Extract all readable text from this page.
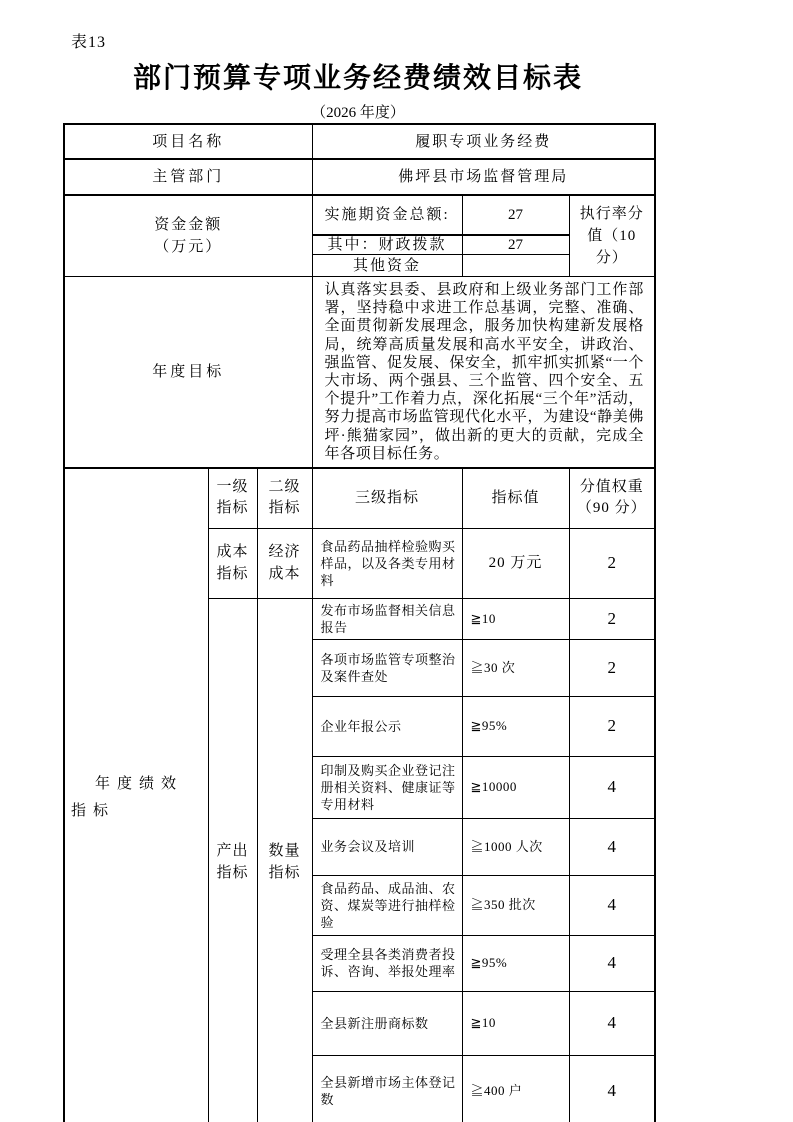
表13
部门预算专项业务经费绩效目标表
（2026 年度）
项目名称			履职专项业务经费		
主管部门			佛坪县市场监督管理局		

资金金额（万元）			实施期资金总额:	27	执行率分值（10 分）

			其中：财政拨款	27	
			其他资金		
年度目标			认真落实县委、县政府和上级业务部门工作部署，坚持稳中求进工作总基调，完整、准确、全面贯彻新发展理念，服务加快构建新发展格局，统筹高质量发展和高水平安全，讲政治、强监管、促发展、保安全，抓牢抓实抓紧“一个大市场、两个强县、三个监管、四个安全、五个提升”工作着力点，深化拓展“三个年”活动，努力提高市场监管现代化水平，为建设“静美佛坪·熊猫家园”，做出新的更大的贡献，完成全年各项目标任务。		

年度绩效指标	一级指标	二级指标	三级指标	指标值	分值权重（90 分）

	成本指标	经济成本	食品药品抽样检验购买样品，以及各类专用材料	20 万元	2
	产出指标	数量指标	发布市场监督相关信息报告	≧10	2
			各项市场监管专项整治及案件查处	≧30 次	2
			企业年报公示	≧95%	2
			印制及购买企业登记注册相关资料、健康证等专用材料	≧10000	4
			业务会议及培训	≧1000 人次	4
			食品药品、成品油、农资、煤炭等进行抽样检验	≧350 批次	4
			受理全县各类消费者投诉、咨询、举报处理率	≧95%	4
			全县新注册商标数	≧10	4
			全县新增市场主体登记数	≧400 户	4
